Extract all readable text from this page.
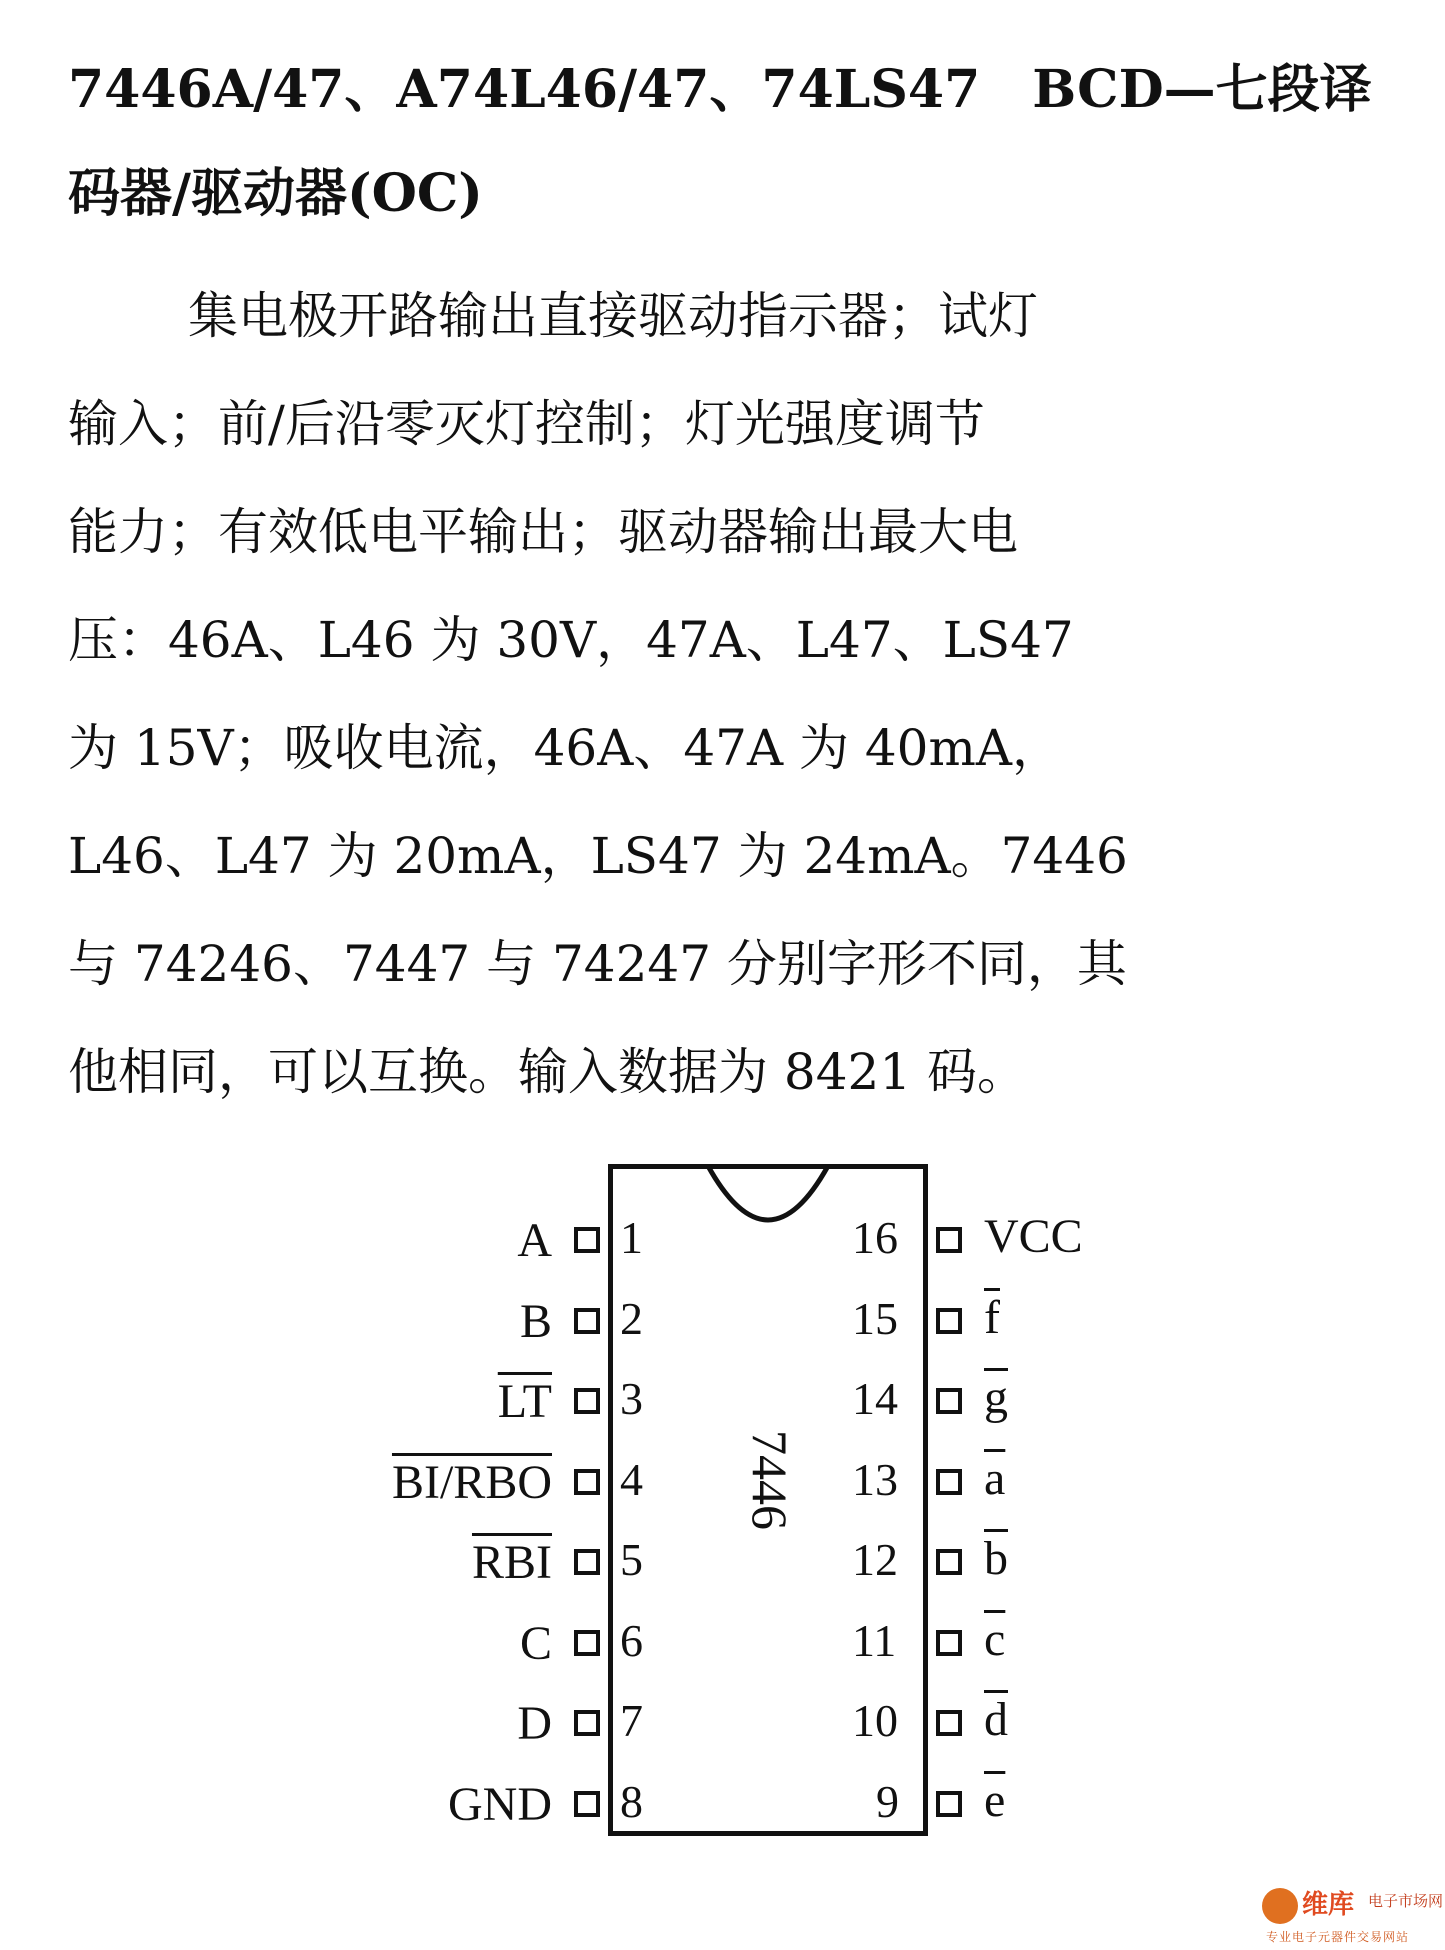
7446A/47、A74L46/47、74LS47　BCD—七段译
码器/驱动器(OC)
集电极开路输出直接驱动指示器；试灯
输入；前/后沿零灭灯控制；灯光强度调节
能力；有效低电平输出；驱动器输出最大电
压：46A、L46 为 30V，47A、L47、LS47
为 15V；吸收电流，46A、47A 为 40mA，
L46、L47 为 20mA，LS47 为 24mA。7446
与 74246、7447 与 74247 分别字形不同，其
他相同，可以互换。输入数据为 8421 码。
7446
1
A
2
B
3
$\overline{LT}$
4
BI/RBO
5
$\overline{RBI}$
6
C
7
D
8
GND
16 VCC
15 $\overline{f}$
14 $\overline{g}$
13 $\overline{a}$
12 $\overline{b}$
11 $\overline{c}$
10 $\overline{d}$
9 $\overline{e}$
维库 电子市场网
专业电子元器件交易网站
